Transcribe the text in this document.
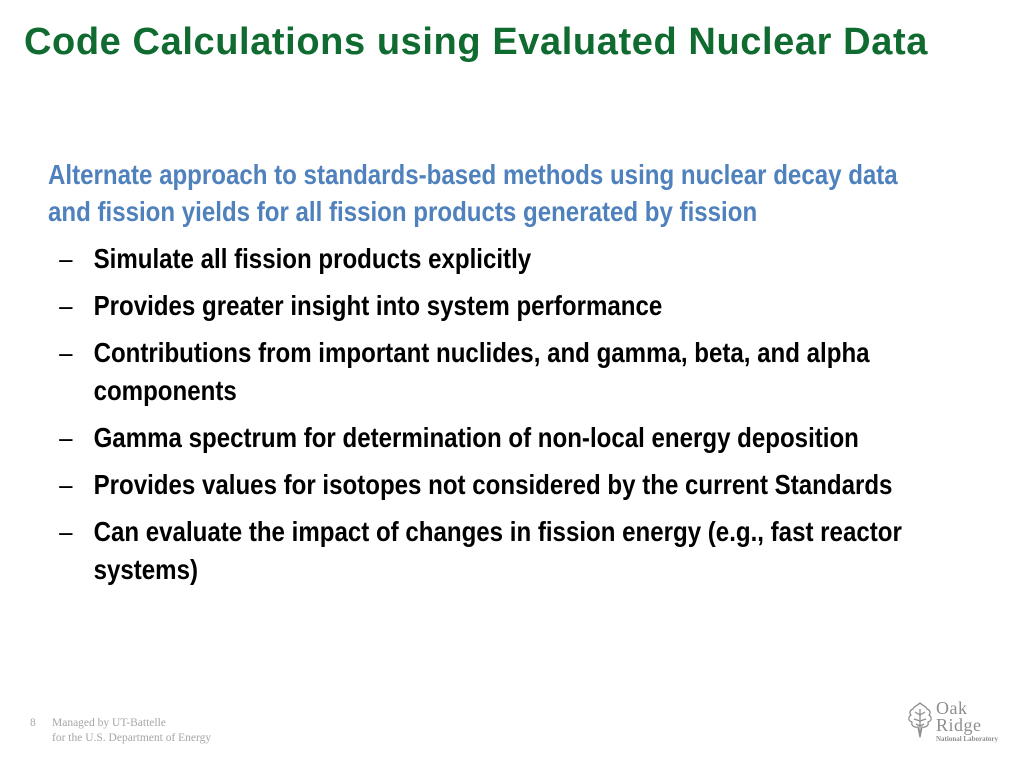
Code Calculations using Evaluated Nuclear Data

Alternate approach to standards-based methods using nuclear decay data and fission yields for all fission products generated by fission

– Simulate all fission products explicitly
– Provides greater insight into system performance
– Contributions from important nuclides, and gamma, beta, and alpha components
– Gamma spectrum for determination of non-local energy deposition
– Provides values for isotopes not considered by the current Standards
– Can evaluate the impact of changes in fission energy (e.g., fast reactor systems)
8 Managed by UT-Battelle
for the U.S. Department of Energy
Oak
Ridge
National Laboratory
